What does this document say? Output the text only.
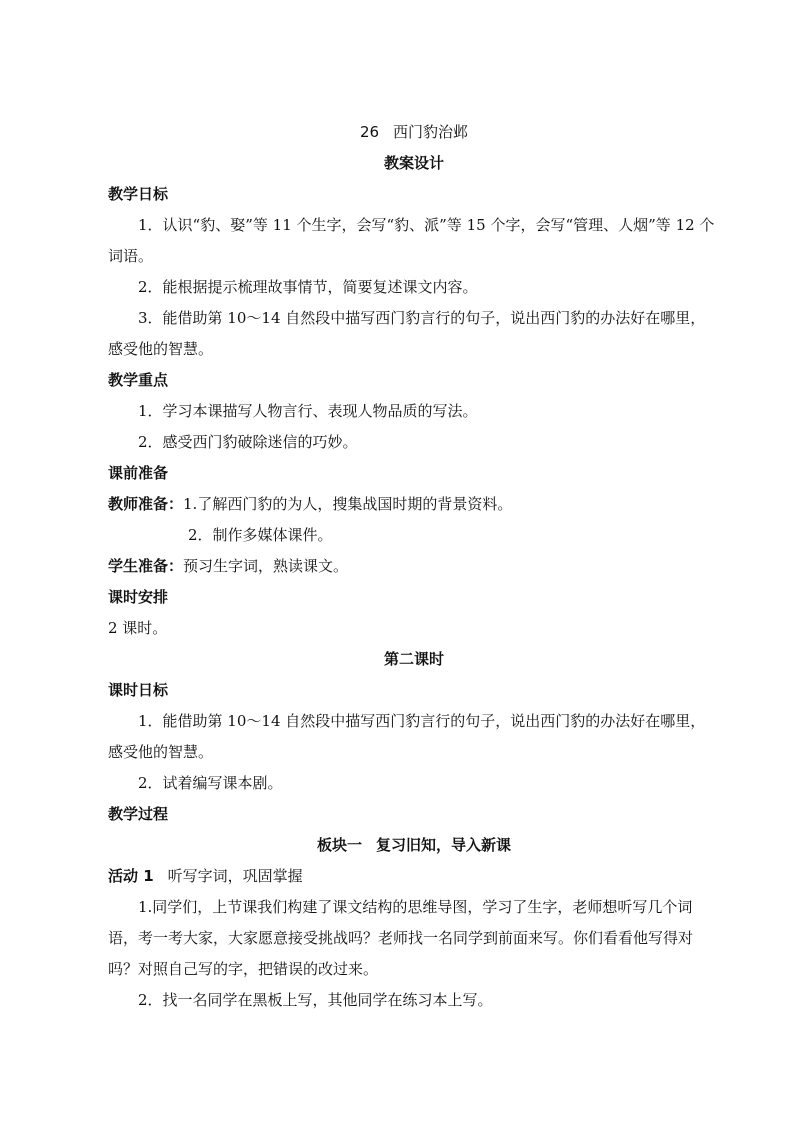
26 西门豹治邺

教案设计

教学日标

1．认识“豹、娶”等 11 个生字，会写“豹、派”等 15 个字，会写“管理、人烟”等 12 个词语。

2．能根据提示梳理故事情节，简要复述课文内容。

3．能借助第 10～14 自然段中描写西门豹言行的句子，说出西门豹的办法好在哪里，感受他的智慧。

教学重点

1．学习本课描写人物言行、表现人物品质的写法。

2．感受西门豹破除迷信的巧妙。

课前准备

教师准备：1.了解西门豹的为人，搜集战国时期的背景资料。

2．制作多媒体课件。

学生准备：预习生字词，熟读课文。

课时安排

2 课时。

第二课时

课时日标

1．能借助第 10～14 自然段中描写西门豹言行的句子，说出西门豹的办法好在哪里，感受他的智慧。

2．试着编写课本剧。

教学过程

板块一 复习旧知，导入新课

活动 1 听写字词，巩固掌握

1.同学们，上节课我们构建了课文结构的思维导图，学习了生字，老师想听写几个词语，考一考大家，大家愿意接受挑战吗？老师找一名同学到前面来写。你们看看他写得对吗？对照自己写的字，把错误的改过来。

2．找一名同学在黑板上写，其他同学在练习本上写。
